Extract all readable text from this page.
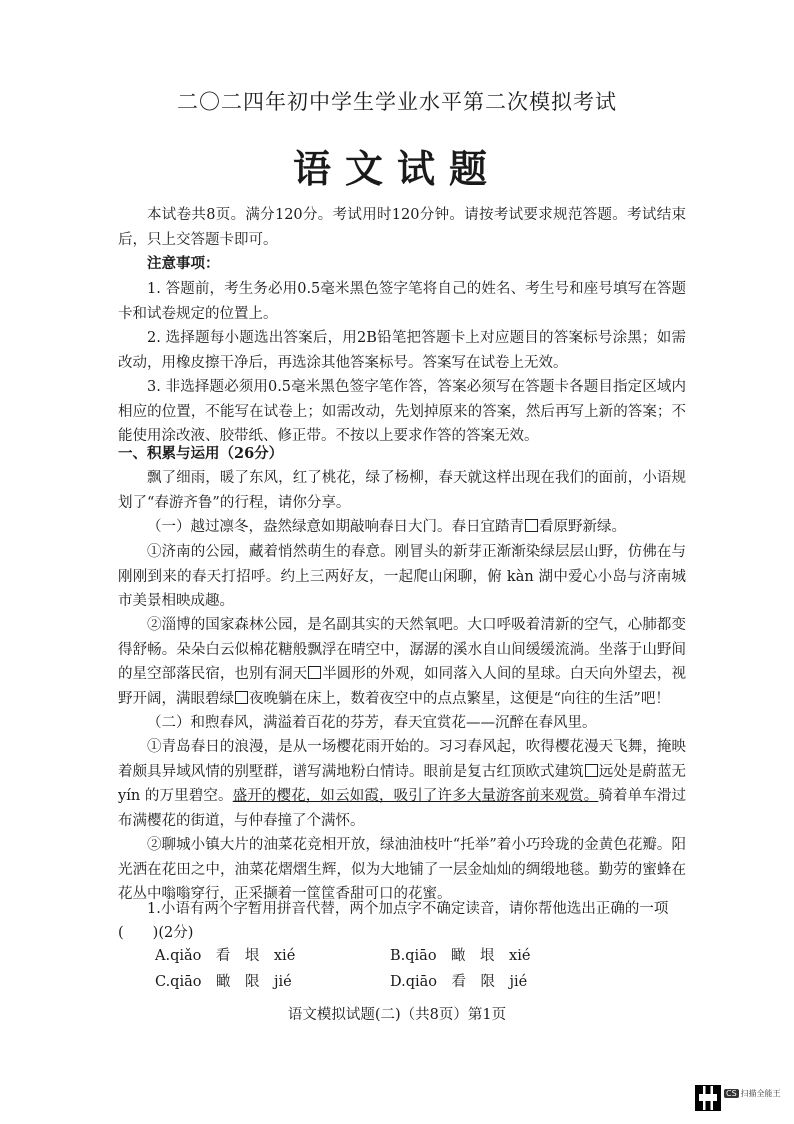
二〇二四年初中学生学业水平第二次模拟考试
语文试题
本试卷共8页。满分120分。考试用时120分钟。请按考试要求规范答题。考试结束后，只上交答题卡即可。
注意事项：
1. 答题前，考生务必用0.5毫米黑色签字笔将自己的姓名、考生号和座号填写在答题卡和试卷规定的位置上。
2. 选择题每小题选出答案后，用2B铅笔把答题卡上对应题目的答案标号涂黑；如需改动，用橡皮擦干净后，再选涂其他答案标号。答案写在试卷上无效。
3. 非选择题必须用0.5毫米黑色签字笔作答，答案必须写在答题卡各题目指定区域内相应的位置，不能写在试卷上；如需改动，先划掉原来的答案，然后再写上新的答案；不能使用涂改液、胶带纸、修正带。不按以上要求作答的答案无效。
一、积累与运用（26分）
飘了细雨，暖了东风，红了桃花，绿了杨柳，春天就这样出现在我们的面前，小语规划了“春游齐鲁”的行程，请你分享。
（一）越过凛冬，盎然绿意如期敲响春日大门。春日宜踏青 看原野新绿。
①济南的公园，藏着悄然萌生的春意。刚冒头的新芽正渐渐染绿层层山野，仿佛在与刚刚到来的春天打招呼。约上三两好友，一起爬山闲聊，俯 kàn 湖中爱心小岛与济南城市美景相映成趣。
②淄博的国家森林公园，是名副其实的天然氧吧。大口呼吸着清新的空气，心肺都变得舒畅。朵朵白云似棉花糖般飘浮在晴空中，潺潺的溪水自山间缓缓流淌。坐落于山野间的星空部落民宿，也别有洞天 半圆形的外观，如同落入人间的星球。白天向外望去，视野开阔，满眼碧绿 夜晚躺在床上，数着夜空中的点点繁星，这便是“向往的生活”吧！
（二）和煦春风，满溢着百花的芬芳，春天宜赏花——沉醉在春风里。
①青岛春日的浪漫，是从一场樱花雨开始的。习习春风起，吹得樱花漫天飞舞，掩映着颇具异域风情的别墅群，谱写满地粉白情诗。眼前是复古红顶欧式建筑 远处是蔚蓝无 yín 的万里碧空。盛开的樱花，如云如霞，吸引了许多大量游客前来观赏。骑着单车滑过布满樱花的街道，与仲春撞了个满怀。
②聊城小镇大片的油菜花竞相开放，绿油油枝叶“托举”着小巧玲珑的金黄色花瓣。阳光洒在花田之中，油菜花熠熠生辉，似为大地铺了一层金灿灿的绸缎地毯。勤劳的蜜蜂在花丛中嗡嗡穿行，正采撷着一筐筐香甜可口的花蜜。
1.小语有两个字暂用拼音代替，两个加点字不确定读音，请你帮他选出正确的一项
(　　)(2分)
A.qiǎo　看　垠　xié	B.qiāo　瞰　垠　xié
C.qiāo　瞰　限　jié	D.qiāo　看　限　jié
语文模拟试题(二)（共8页）第1页
CS 扫描全能王
